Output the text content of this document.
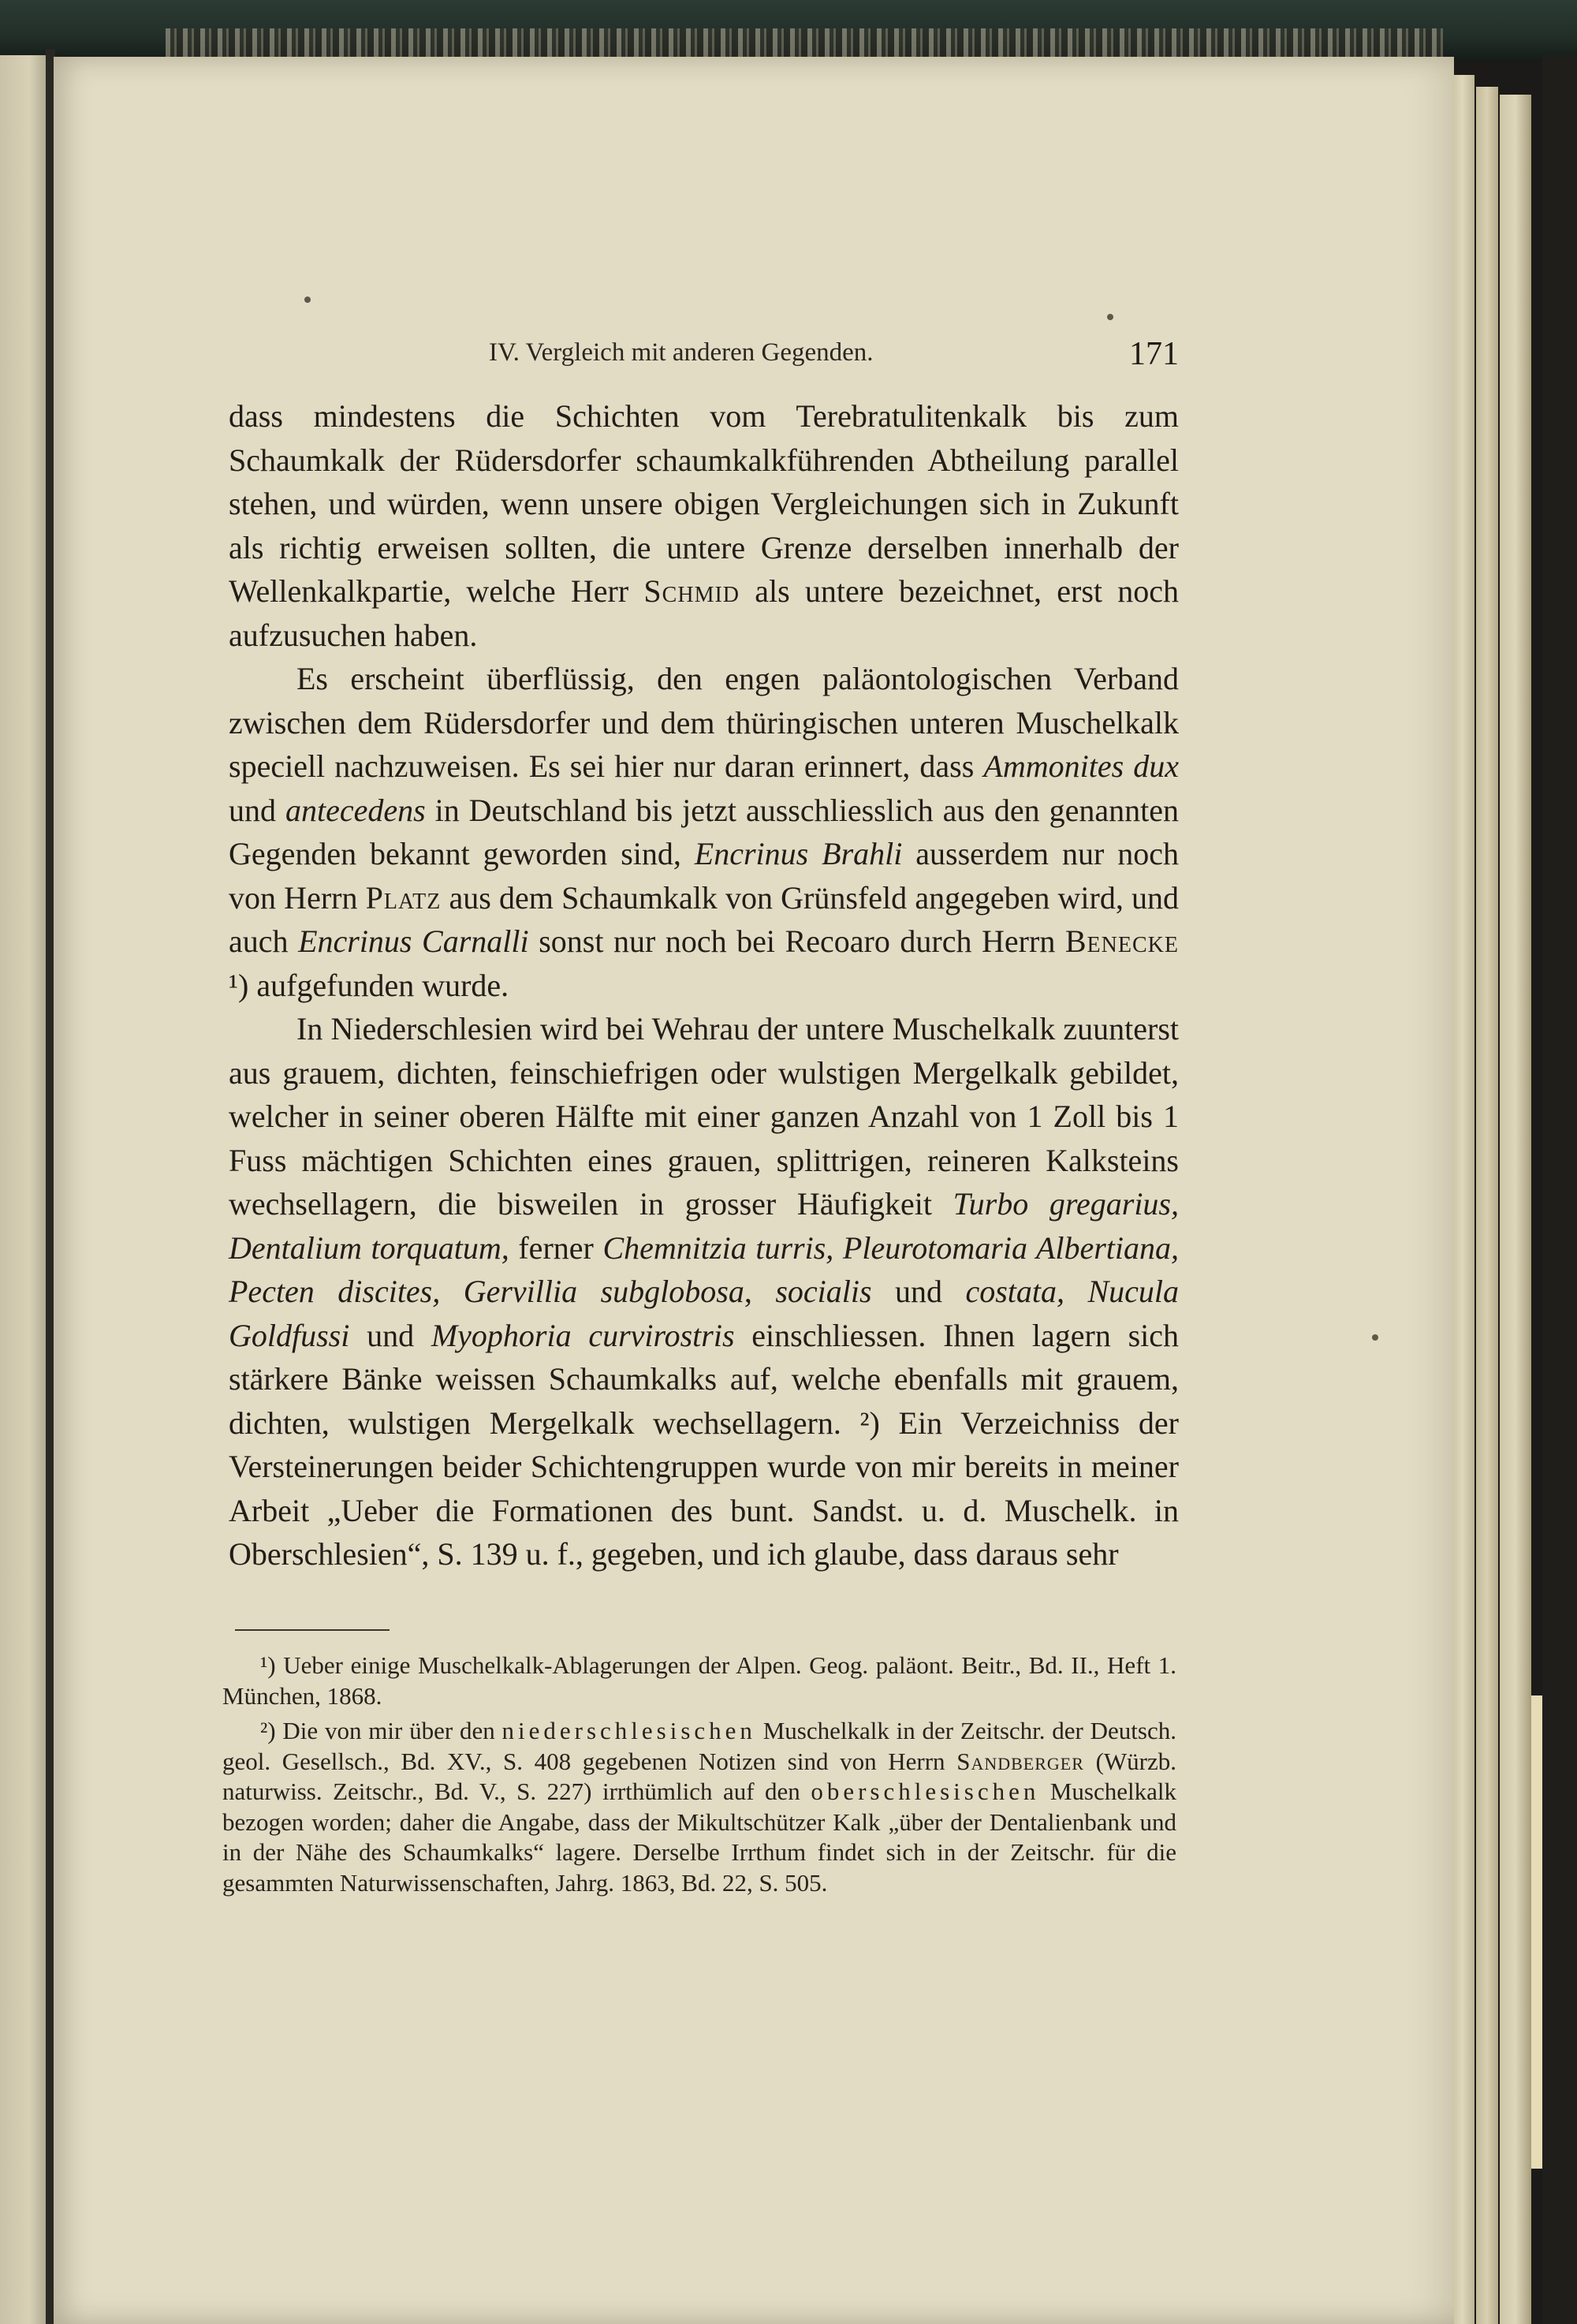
IV. Vergleich mit anderen Gegenden.	171

dass mindestens die Schichten vom Terebratulitenkalk bis zum Schaumkalk der Rüdersdorfer schaumkalkführenden Abtheilung parallel stehen, und würden, wenn unsere obigen Vergleichungen sich in Zukunft als richtig erweisen sollten, die untere Grenze derselben innerhalb der Wellenkalkpartie, welche Herr Schmid als untere bezeichnet, erst noch aufzusuchen haben.

Es erscheint überflüssig, den engen paläontologischen Verband zwischen dem Rüdersdorfer und dem thüringischen unteren Muschelkalk speciell nachzuweisen. Es sei hier nur daran erinnert, dass Ammonites dux und antecedens in Deutschland bis jetzt ausschliesslich aus den genannten Gegenden bekannt geworden sind, Encrinus Brahli ausserdem nur noch von Herrn Platz aus dem Schaumkalk von Grünsfeld angegeben wird, und auch Encrinus Carnalli sonst nur noch bei Recoaro durch Herrn Benecke ¹) aufgefunden wurde.

In Niederschlesien wird bei Wehrau der untere Muschelkalk zuunterst aus grauem, dichten, feinschiefrigen oder wulstigen Mergelkalk gebildet, welcher in seiner oberen Hälfte mit einer ganzen Anzahl von 1 Zoll bis 1 Fuss mächtigen Schichten eines grauen, splittrigen, reineren Kalksteins wechsellagern, die bisweilen in grosser Häufigkeit Turbo gregarius, Dentalium torquatum, ferner Chemnitzia turris, Pleurotomaria Albertiana, Pecten discites, Gervillia subglobosa, socialis und costata, Nucula Goldfussi und Myophoria curvirostris einschliessen. Ihnen lagern sich stärkere Bänke weissen Schaumkalks auf, welche ebenfalls mit grauem, dichten, wulstigen Mergelkalk wechsellagern. ²) Ein Verzeichniss der Versteinerungen beider Schichtengruppen wurde von mir bereits in meiner Arbeit „Ueber die Formationen des bunt. Sandst. u. d. Muschelk. in Oberschlesien“, S. 139 u. f., gegeben, und ich glaube, dass daraus sehr

¹) Ueber einige Muschelkalk-Ablagerungen der Alpen. Geog. paläont. Beitr., Bd. II., Heft 1. München, 1868.

²) Die von mir über den niederschlesischen Muschelkalk in der Zeitschr. der Deutsch. geol. Gesellsch., Bd. XV., S. 408 gegebenen Notizen sind von Herrn Sandberger (Würzb. naturwiss. Zeitschr., Bd. V., S. 227) irrthümlich auf den oberschlesischen Muschelkalk bezogen worden; daher die Angabe, dass der Mikultschützer Kalk „über der Dentalienbank und in der Nähe des Schaumkalks“ lagere. Derselbe Irrthum findet sich in der Zeitschr. für die gesammten Naturwissenschaften, Jahrg. 1863, Bd. 22, S. 505.
